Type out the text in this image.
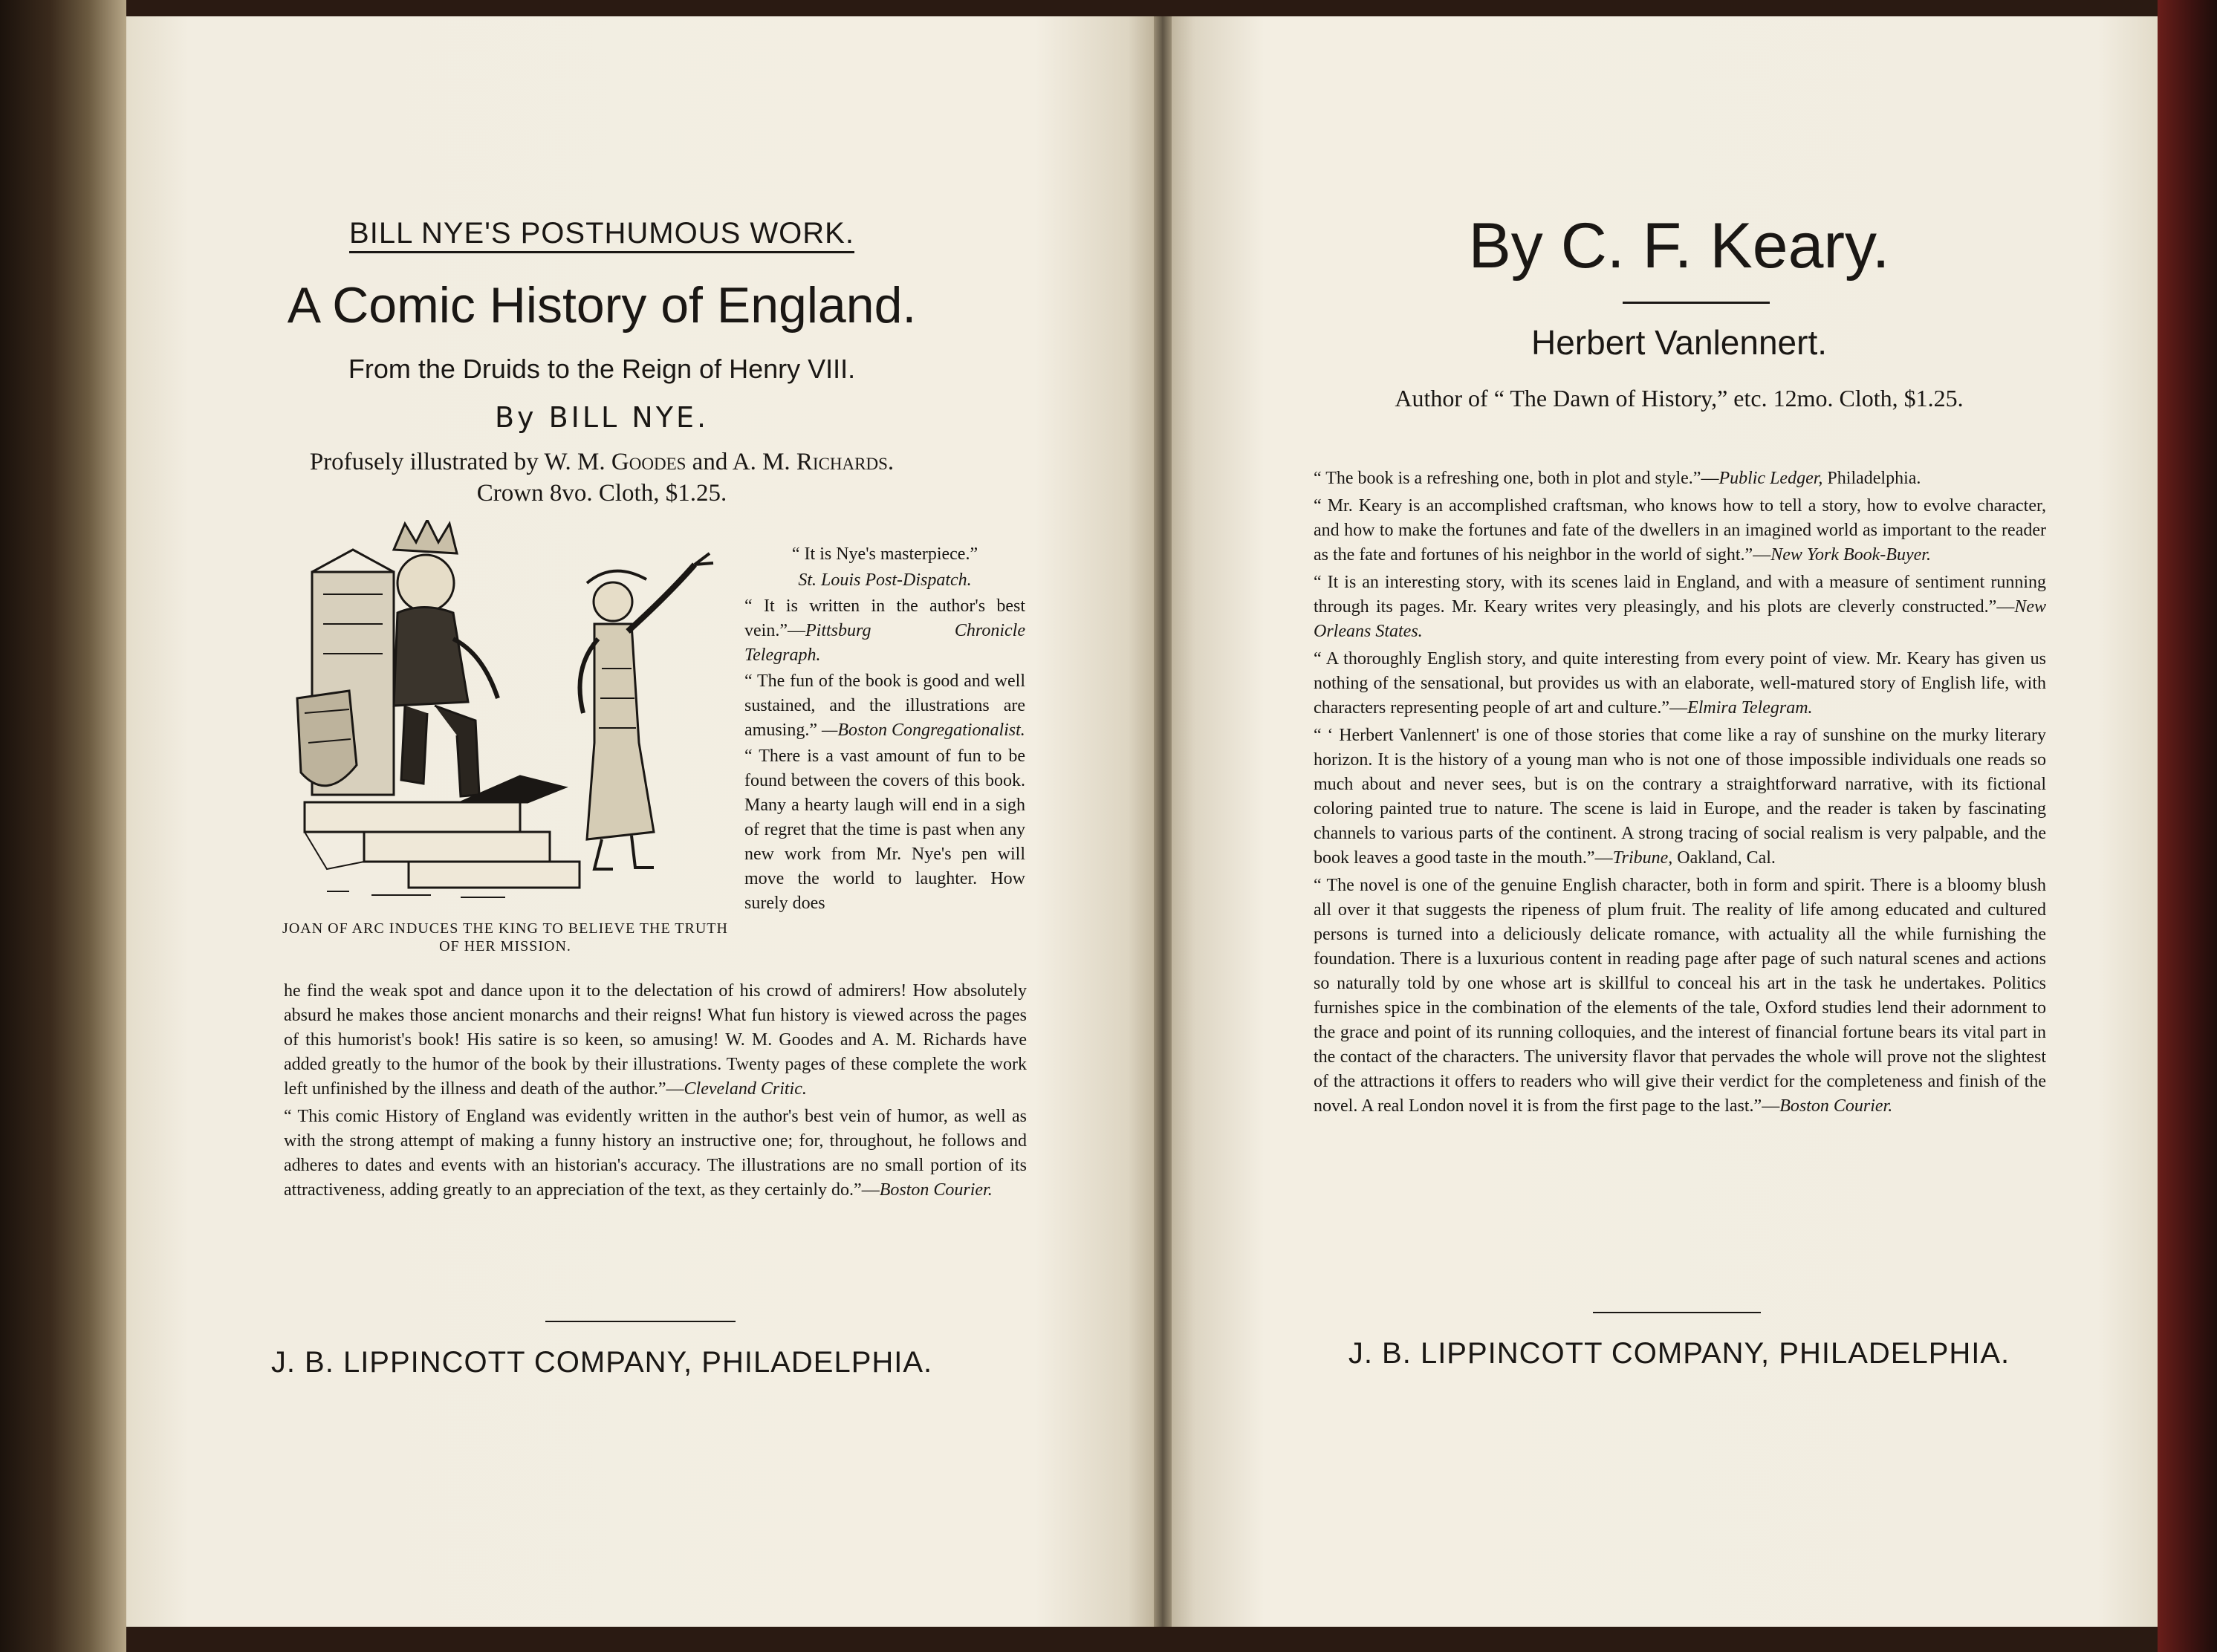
BILL NYE'S POSTHUMOUS WORK.
A Comic History of England.
From the Druids to the Reign of Henry VIII.
By BILL NYE.
Profusely illustrated by W. M. Goodes and A. M. Richards.
Crown 8vo. Cloth, $1.25.
JOAN OF ARC INDUCES THE KING TO BELIEVE THE TRUTH OF HER MISSION.

“ It is Nye's masterpiece.”

St. Louis Post-Dispatch.

“ It is written in the author's best vein.”—Pittsburg Chronicle Telegraph.

“ The fun of the book is good and well sustained, and the illustrations are amusing.” —Boston Congregationalist.

“ There is a vast amount of fun to be found between the covers of this book. Many a hearty laugh will end in a sigh of regret that the time is past when any new work from Mr. Nye's pen will move the world to laughter. How surely does

he find the weak spot and dance upon it to the delectation of his crowd of admirers! How absolutely absurd he makes those ancient monarchs and their reigns! What fun history is viewed across the pages of this humorist's book! His satire is so keen, so amusing! W. M. Goodes and A. M. Richards have added greatly to the humor of the book by their illustrations. Twenty pages of these complete the work left unfinished by the illness and death of the author.”—Cleveland Critic.

“ This comic History of England was evidently written in the author's best vein of humor, as well as with the strong attempt of making a funny history an instructive one; for, throughout, he follows and adheres to dates and events with an historian's accuracy. The illustrations are no small portion of its attractiveness, adding greatly to an appreciation of the text, as they certainly do.”—Boston Courier.

J. B. LIPPINCOTT COMPANY, PHILADELPHIA.
By C. F. Keary.
Herbert Vanlennert.
Author of “ The Dawn of History,” etc. 12mo. Cloth, $1.25.

“ The book is a refreshing one, both in plot and style.”—Public Ledger, Philadelphia.

“ Mr. Keary is an accomplished craftsman, who knows how to tell a story, how to evolve character, and how to make the fortunes and fate of the dwellers in an imagined world as important to the reader as the fate and fortunes of his neighbor in the world of sight.”—New York Book-Buyer.

“ It is an interesting story, with its scenes laid in England, and with a measure of sentiment running through its pages. Mr. Keary writes very pleasingly, and his plots are cleverly constructed.”—New Orleans States.

“ A thoroughly English story, and quite interesting from every point of view. Mr. Keary has given us nothing of the sensational, but provides us with an elaborate, well-matured story of English life, with characters representing people of art and culture.”—Elmira Telegram.

“ ‘ Herbert Vanlennert' is one of those stories that come like a ray of sunshine on the murky literary horizon. It is the history of a young man who is not one of those impossible individuals one reads so much about and never sees, but is on the contrary a straightforward narrative, with its fictional coloring painted true to nature. The scene is laid in Europe, and the reader is taken by fascinating channels to various parts of the continent. A strong tracing of social realism is very palpable, and the book leaves a good taste in the mouth.”—Tribune, Oakland, Cal.

“ The novel is one of the genuine English character, both in form and spirit. There is a bloomy blush all over it that suggests the ripeness of plum fruit. The reality of life among educated and cultured persons is turned into a deliciously delicate romance, with actuality all the while furnishing the foundation. There is a luxurious content in reading page after page of such natural scenes and actions so naturally told by one whose art is skillful to conceal his art in the task he undertakes. Politics furnishes spice in the combination of the elements of the tale, Oxford studies lend their adornment to the grace and point of its running colloquies, and the interest of financial fortune bears its vital part in the contact of the characters. The university flavor that pervades the whole will prove not the slightest of the attractions it offers to readers who will give their verdict for the completeness and finish of the novel. A real London novel it is from the first page to the last.”—Boston Courier.

J. B. LIPPINCOTT COMPANY, PHILADELPHIA.
